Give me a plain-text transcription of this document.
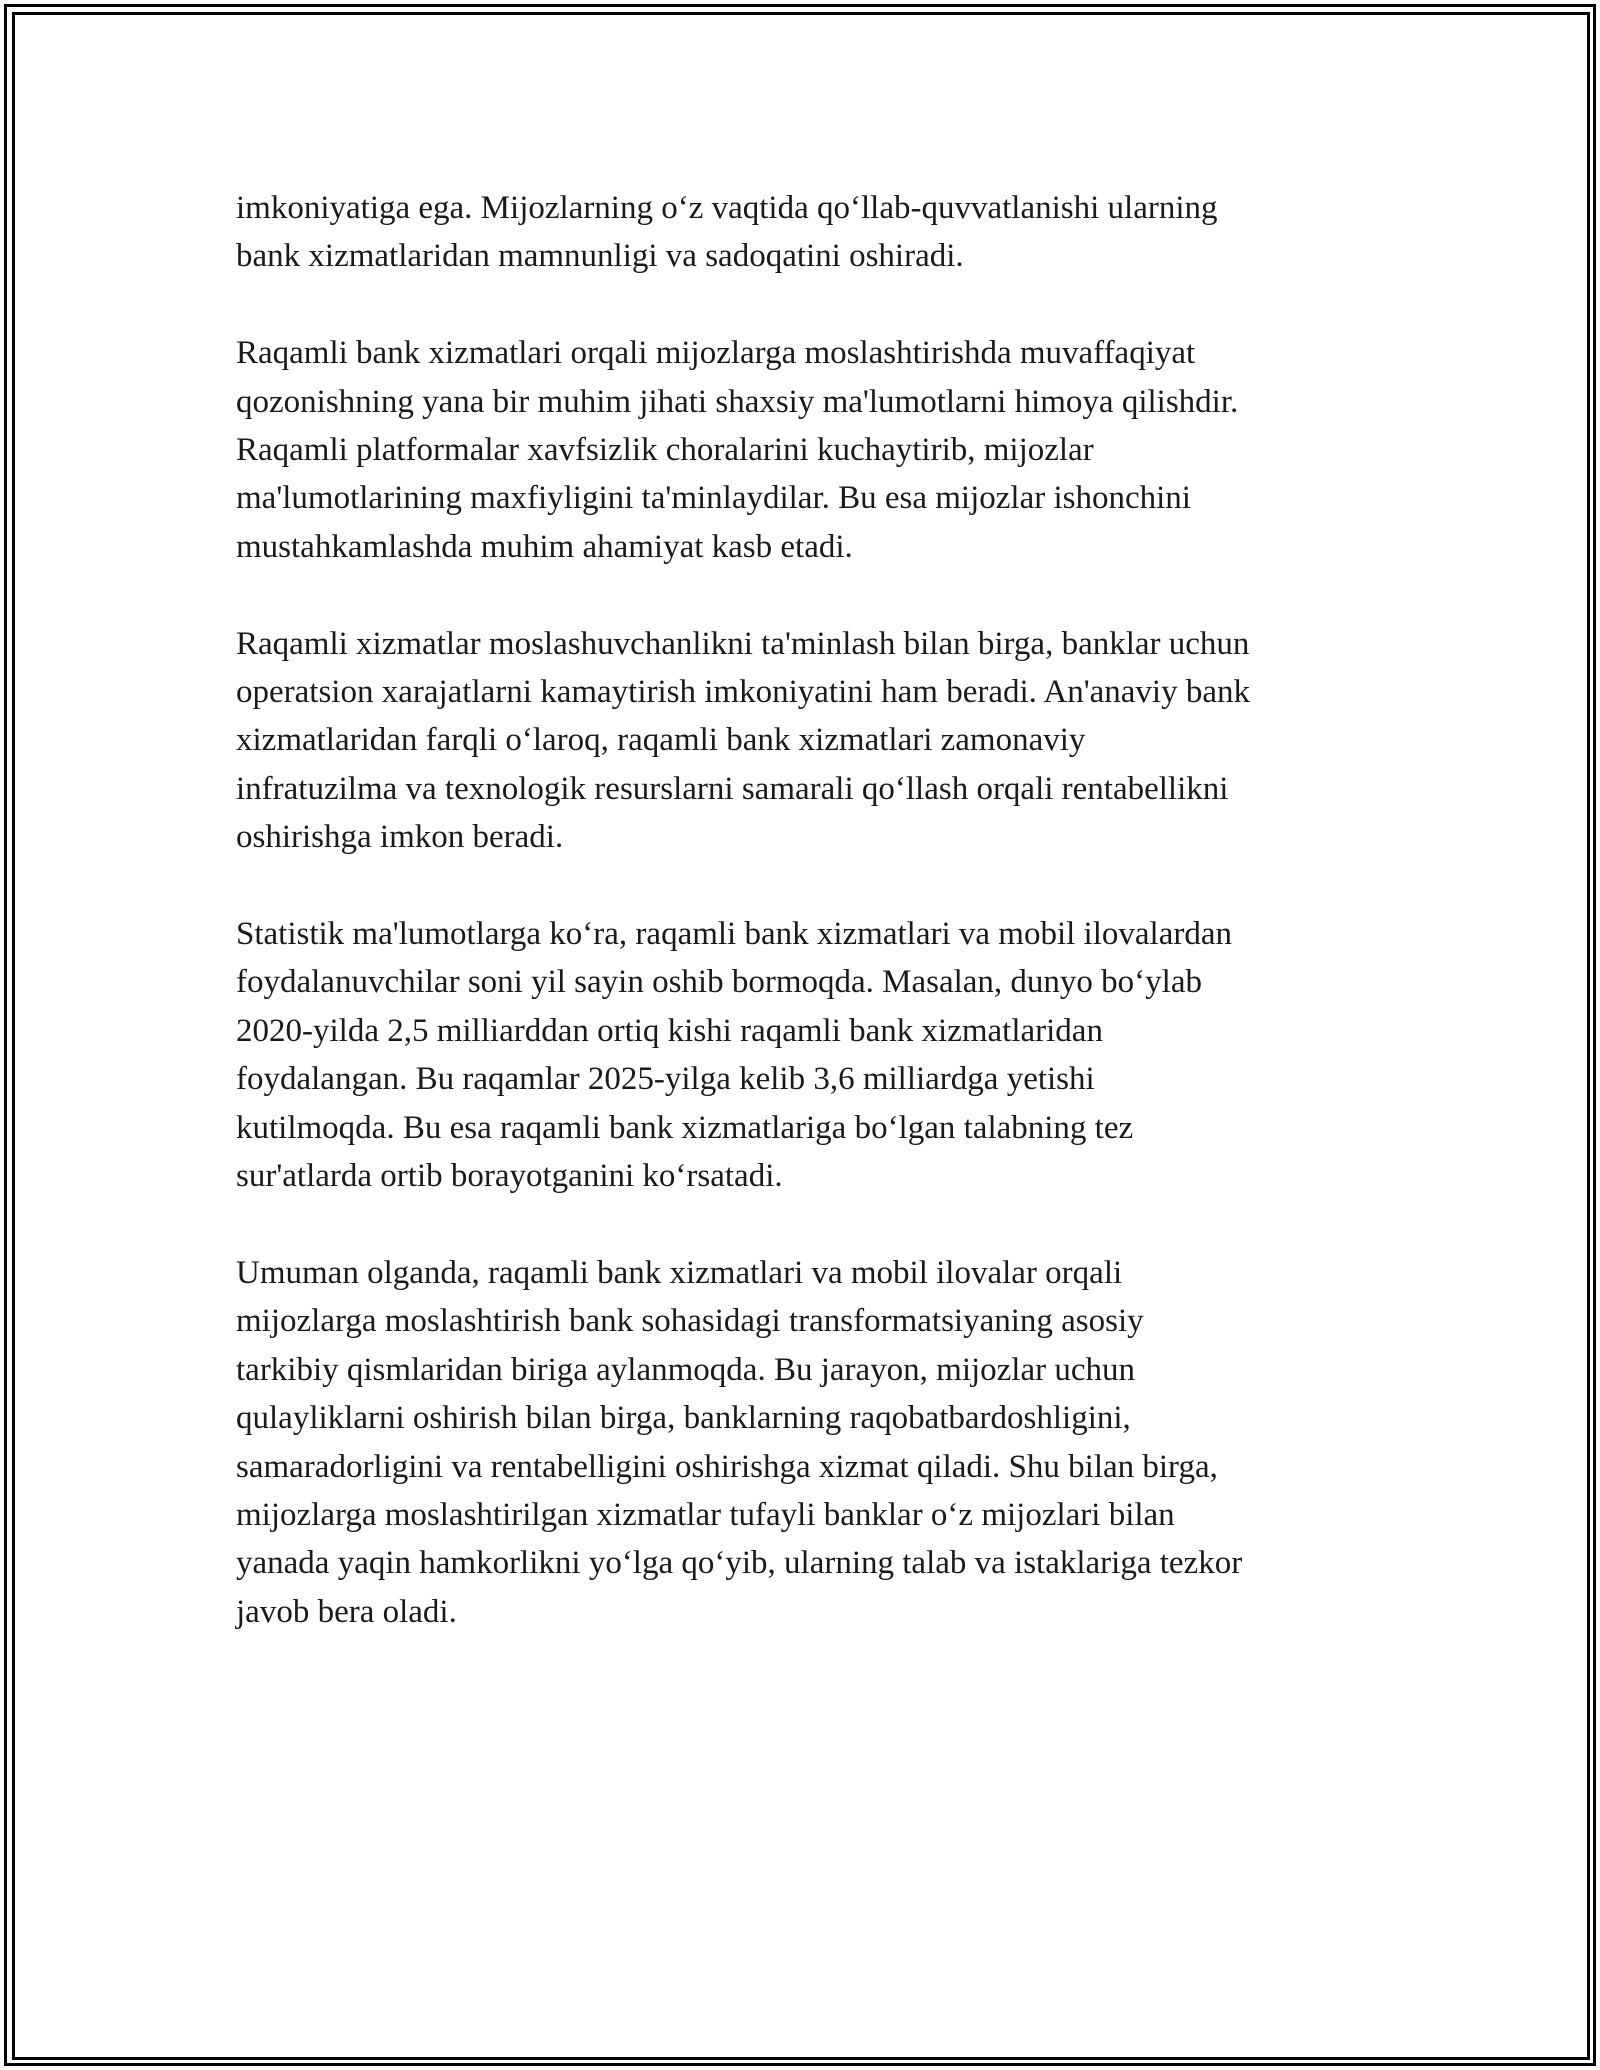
imkoniyatiga ega. Mijozlarning o‘z vaqtida qo‘llab-quvvatlanishi ularning
bank xizmatlaridan mamnunligi va sadoqatini oshiradi.

Raqamli bank xizmatlari orqali mijozlarga moslashtirishda muvaffaqiyat
qozonishning yana bir muhim jihati shaxsiy ma'lumotlarni himoya qilishdir.
Raqamli platformalar xavfsizlik choralarini kuchaytirib, mijozlar
ma'lumotlarining maxfiyligini ta'minlaydilar. Bu esa mijozlar ishonchini
mustahkamlashda muhim ahamiyat kasb etadi.

Raqamli xizmatlar moslashuvchanlikni ta'minlash bilan birga, banklar uchun
operatsion xarajatlarni kamaytirish imkoniyatini ham beradi. An'anaviy bank
xizmatlaridan farqli o‘laroq, raqamli bank xizmatlari zamonaviy
infratuzilma va texnologik resurslarni samarali qo‘llash orqali rentabellikni
oshirishga imkon beradi.

Statistik ma'lumotlarga ko‘ra, raqamli bank xizmatlari va mobil ilovalardan
foydalanuvchilar soni yil sayin oshib bormoqda. Masalan, dunyo bo‘ylab
2020-yilda 2,5 milliarddan ortiq kishi raqamli bank xizmatlaridan
foydalangan. Bu raqamlar 2025-yilga kelib 3,6 milliardga yetishi
kutilmoqda. Bu esa raqamli bank xizmatlariga bo‘lgan talabning tez
sur'atlarda ortib borayotganini ko‘rsatadi.

Umuman olganda, raqamli bank xizmatlari va mobil ilovalar orqali
mijozlarga moslashtirish bank sohasidagi transformatsiyaning asosiy
tarkibiy qismlaridan biriga aylanmoqda. Bu jarayon, mijozlar uchun
qulayliklarni oshirish bilan birga, banklarning raqobatbardoshligini,
samaradorligini va rentabelligini oshirishga xizmat qiladi. Shu bilan birga,
mijozlarga moslashtirilgan xizmatlar tufayli banklar o‘z mijozlari bilan
yanada yaqin hamkorlikni yo‘lga qo‘yib, ularning talab va istaklariga tezkor
javob bera oladi.
